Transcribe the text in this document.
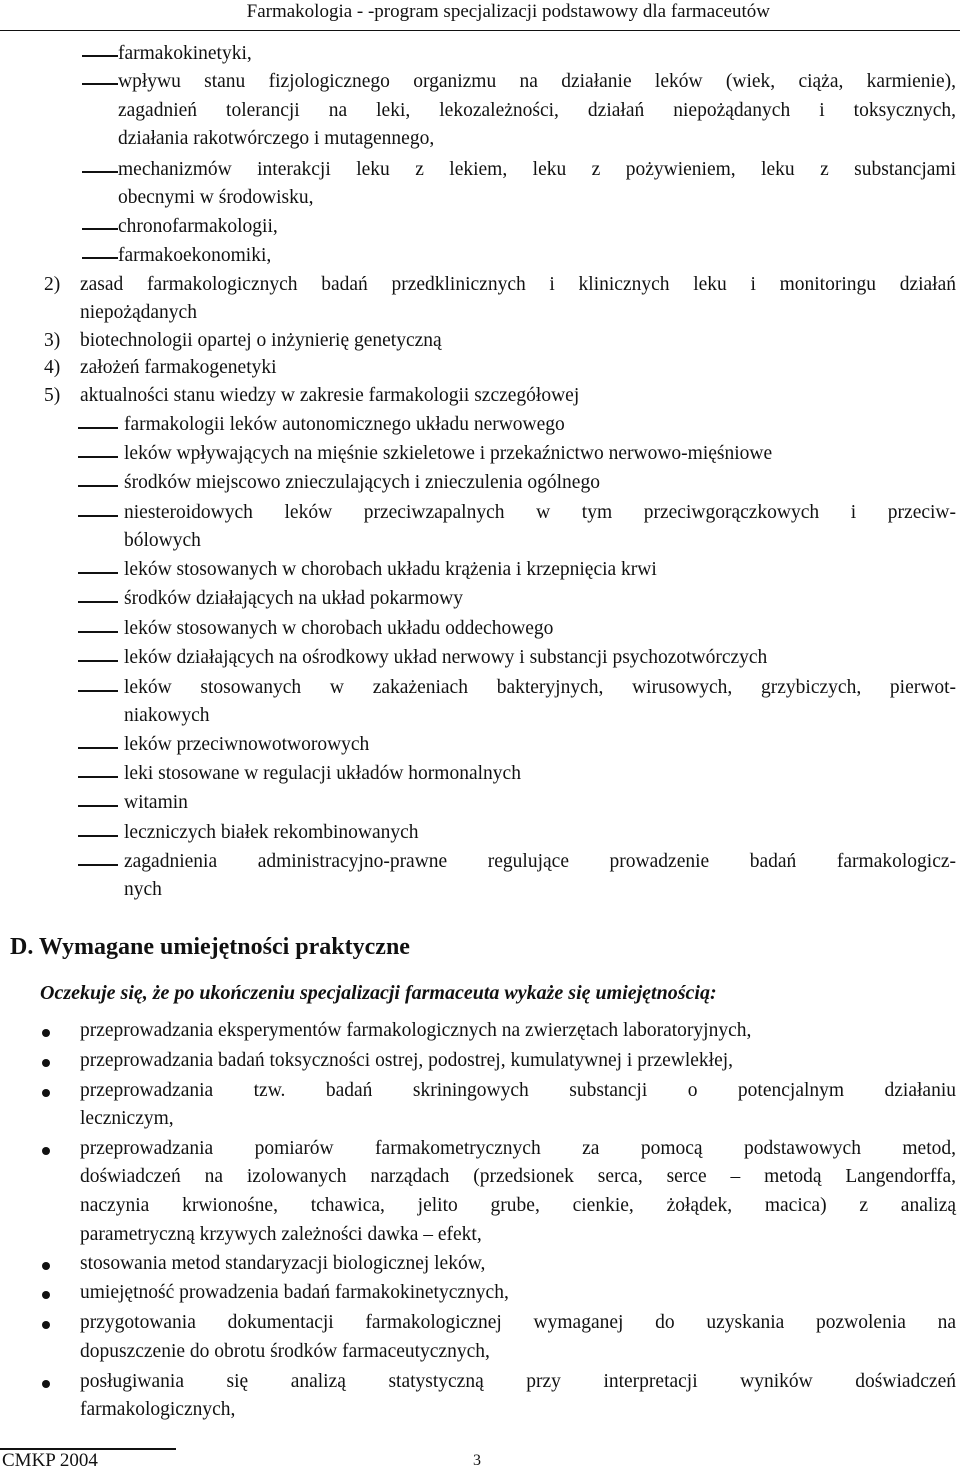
Farmakologia - -program specjalizacji podstawowy dla farmaceutów
farmakokinetyki,
wpływu stanu fizjologicznego organizmu na działanie leków (wiek, ciąża, karmienie),
zagadnień tolerancji na leki, lekozależności, działań niepożądanych i toksycznych,
działania rakotwórczego i mutagennego,
mechanizmów interakcji leku z lekiem, leku z pożywieniem, leku z substancjami
obecnymi w środowisku,
chronofarmakologii,
farmakoekonomiki,
2) zasad farmakologicznych badań przedklinicznych i klinicznych leku i monitoringu działań
niepożądanych
3) biotechnologii opartej o inżynierię genetyczną
4) założeń farmakogenetyki
5) aktualności stanu wiedzy w zakresie farmakologii szczegółowej
farmakologii leków autonomicznego układu nerwowego
leków wpływających na mięśnie szkieletowe i przekaźnictwo nerwowo-mięśniowe
środków miejscowo znieczulających i znieczulenia ogólnego
niesteroidowych leków przeciwzapalnych w tym przeciwgorączkowych i przeciw-
bólowych
leków stosowanych w chorobach układu krążenia i krzepnięcia krwi
środków działających na układ pokarmowy
leków stosowanych w chorobach układu oddechowego
leków działających na ośrodkowy układ nerwowy i substancji psychozotwórczych
leków stosowanych w zakażeniach bakteryjnych, wirusowych, grzybiczych, pierwot-
niakowych
leków przeciwnowotworowych
leki stosowane w regulacji układów hormonalnych
witamin
leczniczych białek rekombinowanych
zagadnienia administracyjno-prawne regulujące prowadzenie badań farmakologicz-
nych
D. Wymagane umiejętności praktyczne
Oczekuje się, że po ukończeniu specjalizacji farmaceuta wykaże się umiejętnością:
przeprowadzania eksperymentów farmakologicznych na zwierzętach laboratoryjnych,
przeprowadzania badań toksyczności ostrej, podostrej, kumulatywnej i przewlekłej,
przeprowadzania tzw. badań skriningowych substancji o potencjalnym działaniu
leczniczym,
przeprowadzania pomiarów farmakometrycznych za pomocą podstawowych metod,
doświadczeń na izolowanych narządach (przedsionek serca, serce – metodą Langendorffa,
naczynia krwionośne, tchawica, jelito grube, cienkie, żołądek, macica) z analizą
parametryczną krzywych zależności dawka – efekt,
stosowania metod standaryzacji biologicznej leków,
umiejętność prowadzenia badań farmakokinetycznych,
przygotowania dokumentacji farmakologicznej wymaganej do uzyskania pozwolenia na
dopuszczenie do obrotu środków farmaceutycznych,
posługiwania się analizą statystyczną przy interpretacji wyników doświadczeń
farmakologicznych,
CMKP 2004	3
